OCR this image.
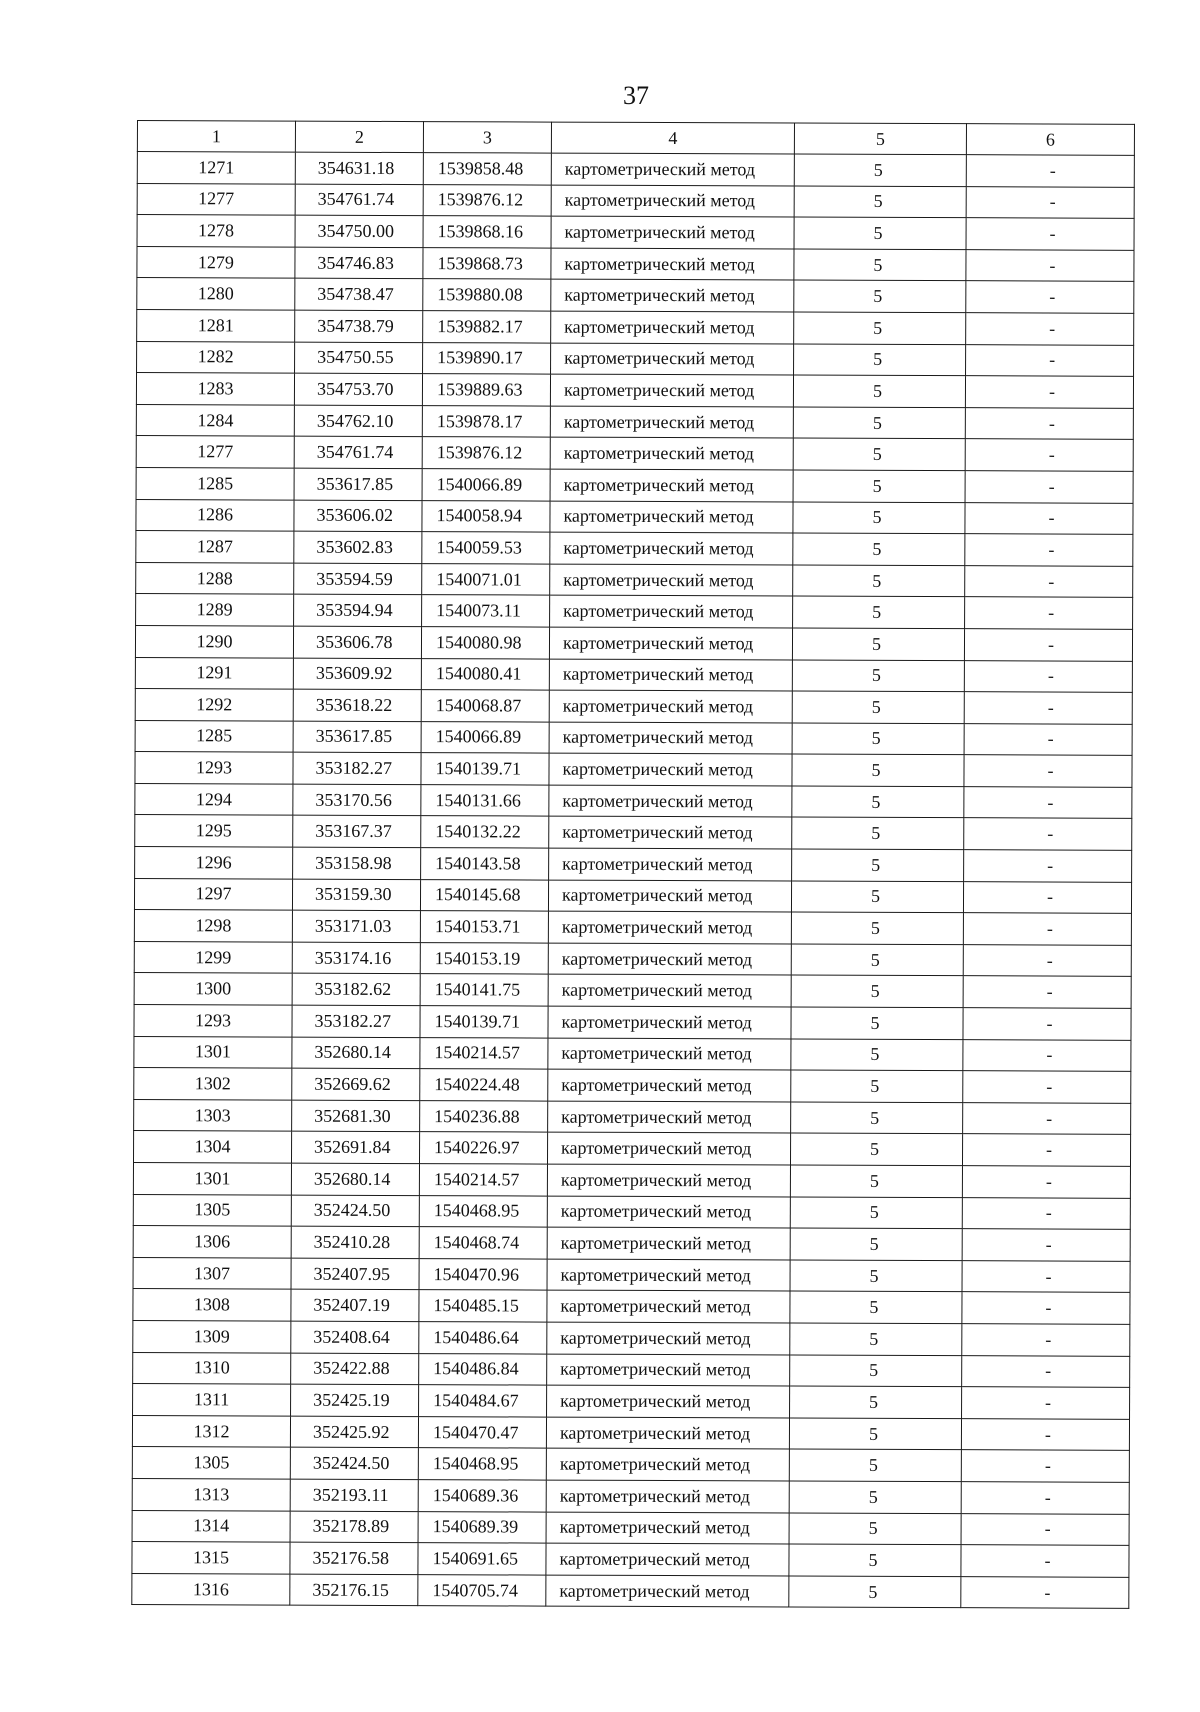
37
1	2	3	4	5	6
1271	354631.18	1539858.48	картометрический метод	5	-
1277	354761.74	1539876.12	картометрический метод	5	-
1278	354750.00	1539868.16	картометрический метод	5	-
1279	354746.83	1539868.73	картометрический метод	5	-
1280	354738.47	1539880.08	картометрический метод	5	-
1281	354738.79	1539882.17	картометрический метод	5	-
1282	354750.55	1539890.17	картометрический метод	5	-
1283	354753.70	1539889.63	картометрический метод	5	-
1284	354762.10	1539878.17	картометрический метод	5	-
1277	354761.74	1539876.12	картометрический метод	5	-
1285	353617.85	1540066.89	картометрический метод	5	-
1286	353606.02	1540058.94	картометрический метод	5	-
1287	353602.83	1540059.53	картометрический метод	5	-
1288	353594.59	1540071.01	картометрический метод	5	-
1289	353594.94	1540073.11	картометрический метод	5	-
1290	353606.78	1540080.98	картометрический метод	5	-
1291	353609.92	1540080.41	картометрический метод	5	-
1292	353618.22	1540068.87	картометрический метод	5	-
1285	353617.85	1540066.89	картометрический метод	5	-
1293	353182.27	1540139.71	картометрический метод	5	-
1294	353170.56	1540131.66	картометрический метод	5	-
1295	353167.37	1540132.22	картометрический метод	5	-
1296	353158.98	1540143.58	картометрический метод	5	-
1297	353159.30	1540145.68	картометрический метод	5	-
1298	353171.03	1540153.71	картометрический метод	5	-
1299	353174.16	1540153.19	картометрический метод	5	-
1300	353182.62	1540141.75	картометрический метод	5	-
1293	353182.27	1540139.71	картометрический метод	5	-
1301	352680.14	1540214.57	картометрический метод	5	-
1302	352669.62	1540224.48	картометрический метод	5	-
1303	352681.30	1540236.88	картометрический метод	5	-
1304	352691.84	1540226.97	картометрический метод	5	-
1301	352680.14	1540214.57	картометрический метод	5	-
1305	352424.50	1540468.95	картометрический метод	5	-
1306	352410.28	1540468.74	картометрический метод	5	-
1307	352407.95	1540470.96	картометрический метод	5	-
1308	352407.19	1540485.15	картометрический метод	5	-
1309	352408.64	1540486.64	картометрический метод	5	-
1310	352422.88	1540486.84	картометрический метод	5	-
1311	352425.19	1540484.67	картометрический метод	5	-
1312	352425.92	1540470.47	картометрический метод	5	-
1305	352424.50	1540468.95	картометрический метод	5	-
1313	352193.11	1540689.36	картометрический метод	5	-
1314	352178.89	1540689.39	картометрический метод	5	-
1315	352176.58	1540691.65	картометрический метод	5	-
1316	352176.15	1540705.74	картометрический метод	5	-
